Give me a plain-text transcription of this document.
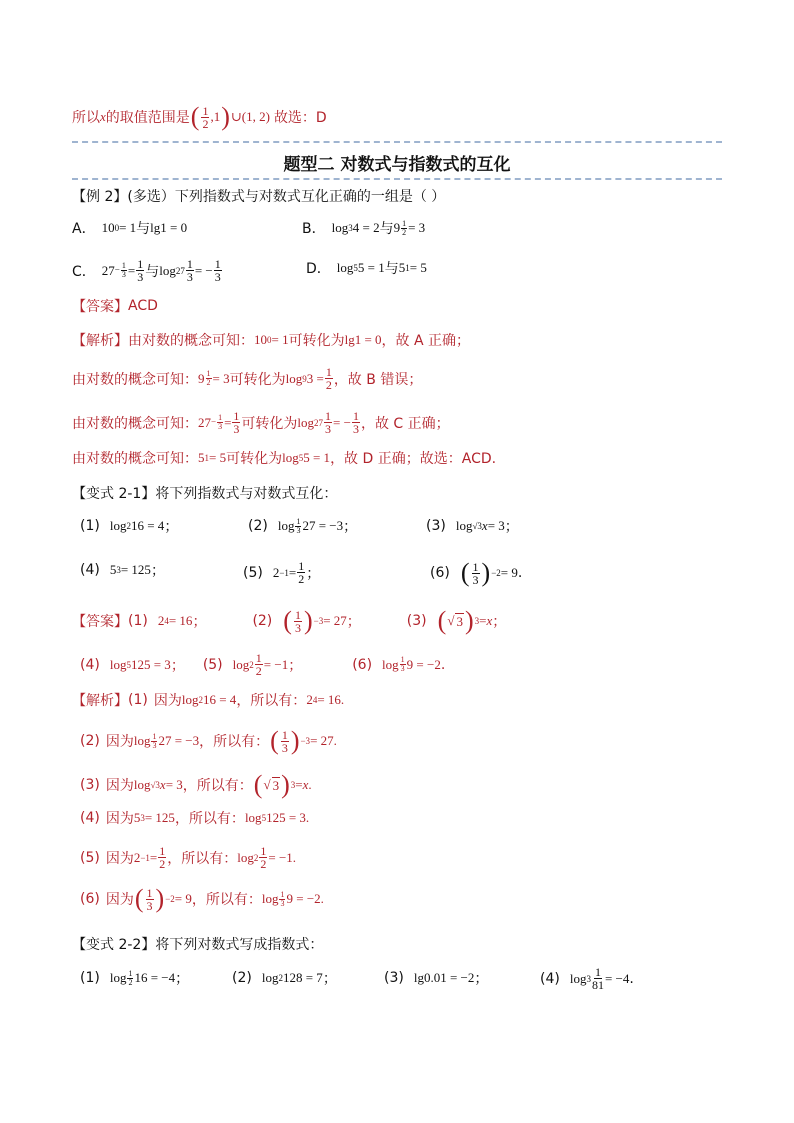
所以 x 的取值范围是 ( $\frac{1}{2} ,1$ ) ∪(1, 2) 故选：D
题型二 对数式与指数式的互化
【例 2】(多选）下列指数式与对数式互化正确的一组是（ ）
A． 10 0 = 1 与 lg1 = 0	B． log 3 4 = 2 与 $9 \frac{1}{2} = 3$
C． $27 - \frac{1}{3} = \frac{1}{3}$ 与 $\log 27 \frac{1}{3}$ = − $\frac{1}{3}$	D． log 5 5 = 1 与 5 1 = 5
【答案】 ACD
【解析】 由对数的概念可知： 10 0 = 1 可转化为 lg1 = 0 ，故 A 正确；
由对数的概念可知： $9 \frac{1}{2} = 3$ 可转化为 log 9 $3 = \frac{1}{2}$ ，故 B 错误；
由对数的概念可知： $27 - \frac{1}{3} = \frac{1}{3}$ 可转化为 $\log 27 \frac{1}{3}$ = − $\frac{1}{3}$ ，故 C 正确；
由对数的概念可知： 5 1 = 5 可转化为 log 5 5 = 1 ，故 D 正确；故选：ACD.
【变式 2-1】将下列指数式与对数式互化：
(1) log 2 16 = 4 ；	(2) $\log \frac{1}{3} 27 = -3$ ；	(3) log √3 x = 3 ；
(4) 5 3 = 125 ；	(5) $2 -1 = \frac{1}{2}$ ；	(6) ( $\frac{1}{3}$ ) −2 = 9 .
【答案】 (1) 2 4 = 16 ；	(2) ( $\frac{1}{3}$ ) −3 = 27 ；	(3) ( √ 3 ) 3 = x ；
(4) log 5 125 = 3 ； (5) $\log 2 \frac{1}{2} = -1$ ；	(6) $\log \frac{1}{3} 9 = -2$ .
【解析】 (1) 因为 log 2 16 = 4 ，所以有： 2 4 = 16.
(2) 因为 $\log \frac{1}{3} 27 = -3$ ，所以有： ( $\frac{1}{3}$ ) −3 = 27.
(3) 因为 log √3 x = 3 ，所以有： ( √ 3 ) 3 = x .
(4) 因为 5 3 = 125 ，所以有： log 5 125 = 3.
(5) 因为 $2 -1 = \frac{1}{2}$ ，所以有： $\log 2 \frac{1}{2} = -1$.
(6) 因为 ( $\frac{1}{3}$ ) −2 = 9 ，所以有： $\log \frac{1}{3} 9 = -2$.
【变式 2-2】将下列对数式写成指数式：
(1) $\log \frac{1}{2} 16 = -4$ ；	(2) log 2 128 = 7 ；	(3) lg0.01 = −2 ；	(4) $\log 3 \frac{1}{81} = -4$ .
